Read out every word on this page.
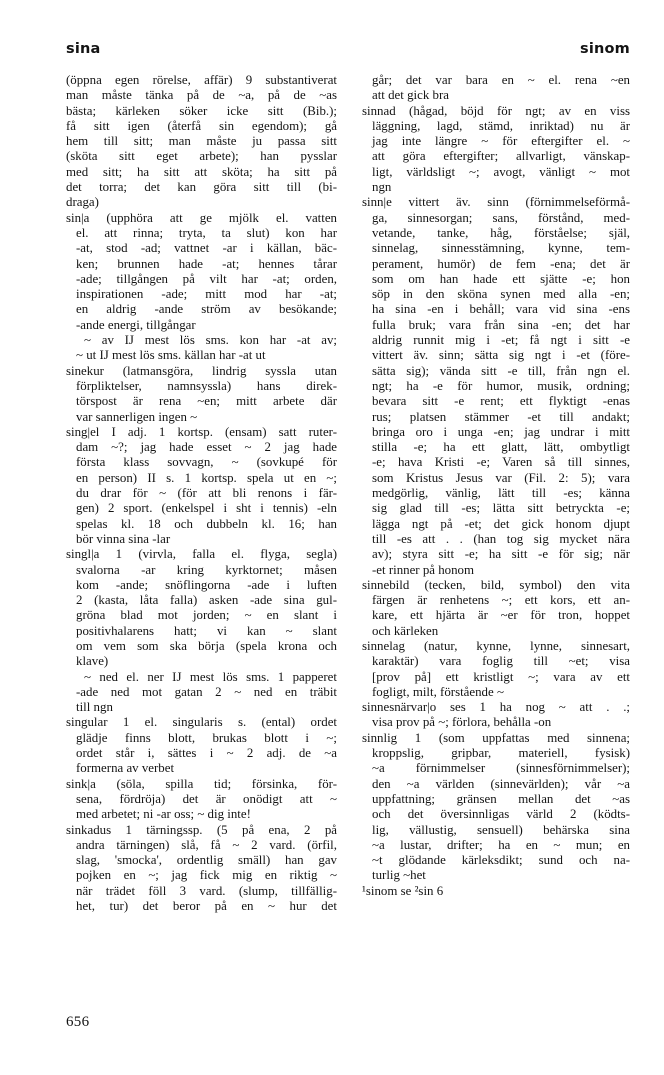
sina	sinom
(öppna egen rörelse, affär) 9 substantiverat
man måste tänka på de ~a, på de ~as
bästa; kärleken söker icke sitt (Bib.);
få sitt igen (återfå sin egendom); gå
hem till sitt; man måste ju passa sitt
(sköta sitt eget arbete); han pysslar
med sitt; ha sitt att sköta; ha sitt på
det torra; det kan göra sitt till (bi-
draga)
sin|a (upphöra att ge mjölk el. vatten
el. att rinna; tryta, ta slut) kon har
-at, stod -ad; vattnet -ar i källan, bäc-
ken; brunnen hade -at; hennes tårar
-ade; tillgången på vilt har -at; orden,
inspirationen -ade; mitt mod har -at;
en aldrig -ande ström av besökande;
-ande energi, tillgångar
~ av IJ mest lös sms. kon har -at av;
~ ut IJ mest lös sms. källan har -at ut
sinekur (latmansgöra, lindrig syssla utan
förpliktelser, namnsyssla) hans direk-
törspost är rena ~en; mitt arbete där
var sannerligen ingen ~
sing|el I adj. 1 kortsp. (ensam) satt ruter-
dam ~?; jag hade esset ~ 2 jag hade
första klass sovvagn, ~ (sovkupé för
en person) II s. 1 kortsp. spela ut en ~;
du drar för ~ (för att bli renons i fär-
gen) 2 sport. (enkelspel i sht i tennis) -eln
spelas kl. 18 och dubbeln kl. 16; han
bör vinna sina -lar
singl|a 1 (virvla, falla el. flyga, segla)
svalorna -ar kring kyrktornet; måsen
kom -ande; snöflingorna -ade i luften
2 (kasta, låta falla) asken -ade sina gul-
gröna blad mot jorden; ~ en slant i
positivhalarens hatt; vi kan ~ slant
om vem som ska börja (spela krona och
klave)
~ ned el. ner IJ mest lös sms. 1 papperet
-ade ned mot gatan 2 ~ ned en träbit
till ngn
singular 1 el. singularis s. (ental) ordet
glädje finns blott, brukas blott i ~;
ordet står i, sättes i ~ 2 adj. de ~a
formerna av verbet
sink|a (söla, spilla tid; försinka, för-
sena, fördröja) det är onödigt att ~
med arbetet; ni -ar oss; ~ dig inte!
sinkadus 1 tärningssp. (5 på ena, 2 på
andra tärningen) slå, få ~ 2 vard. (örfil,
slag, 'smocka', ordentlig smäll) han gav
pojken en ~; jag fick mig en riktig ~
när trädet föll 3 vard. (slump, tillfällig-
het, tur) det beror på en ~ hur det
går; det var bara en ~ el. rena ~en
att det gick bra
sinnad (hågad, böjd för ngt; av en viss
läggning, lagd, stämd, inriktad) nu är
jag inte längre ~ för eftergifter el. ~
att göra eftergifter; allvarligt, vänskap-
ligt, världsligt ~; avogt, vänligt ~ mot
ngn
sinn|e vittert äv. sinn (förnimmelseförmå-
ga, sinnesorgan; sans, förstånd, med-
vetande, tanke, håg, förståelse; själ,
sinnelag, sinnesstämning, kynne, tem-
perament, humör) de fem -ena; det är
som om han hade ett sjätte -e; hon
söp in den sköna synen med alla -en;
ha sina -en i behåll; vara vid sina -ens
fulla bruk; vara från sina -en; det har
aldrig runnit mig i -et; få ngt i sitt -e
vittert äv. sinn; sätta sig ngt i -et (före-
sätta sig); vända sitt -e till, från ngn el.
ngt; ha -e för humor, musik, ordning;
bevara sitt -e rent; ett flyktigt -enas
rus; platsen stämmer -et till andakt;
bringa oro i unga -en; jag undrar i mitt
stilla -e; ha ett glatt, lätt, ombytligt
-e; hava Kristi -e; Varen så till sinnes,
som Kristus Jesus var (Fil. 2: 5); vara
medgörlig, vänlig, lätt till -es; känna
sig glad till -es; lätta sitt betryckta -e;
lägga ngt på -et; det gick honom djupt
till -es att . . (han tog sig mycket nära
av); styra sitt -e; ha sitt -e för sig; när
-et rinner på honom
sinnebild (tecken, bild, symbol) den vita
färgen är renhetens ~; ett kors, ett an-
kare, ett hjärta är ~er för tron, hoppet
och kärleken
sinnelag (natur, kynne, lynne, sinnesart,
karaktär) vara foglig till ~et; visa
[prov på] ett kristligt ~; vara av ett
fogligt, milt, förstående ~
sinnesnärvar|o ses 1 ha nog ~ att . .;
visa prov på ~; förlora, behålla -on
sinnlig 1 (som uppfattas med sinnena;
kroppslig, gripbar, materiell, fysisk)
~a förnimmelser (sinnesförnimmelser);
den ~a världen (sinnevärlden); vår ~a
uppfattning; gränsen mellan det ~as
och det översinnligas värld 2 (ködts-
lig, vällustig, sensuell) behärska sina
~a lustar, drifter; ha en ~ mun; en
~t glödande kärleksdikt; sund och na-
turlig ~het
¹sinom se ²sin 6
656
